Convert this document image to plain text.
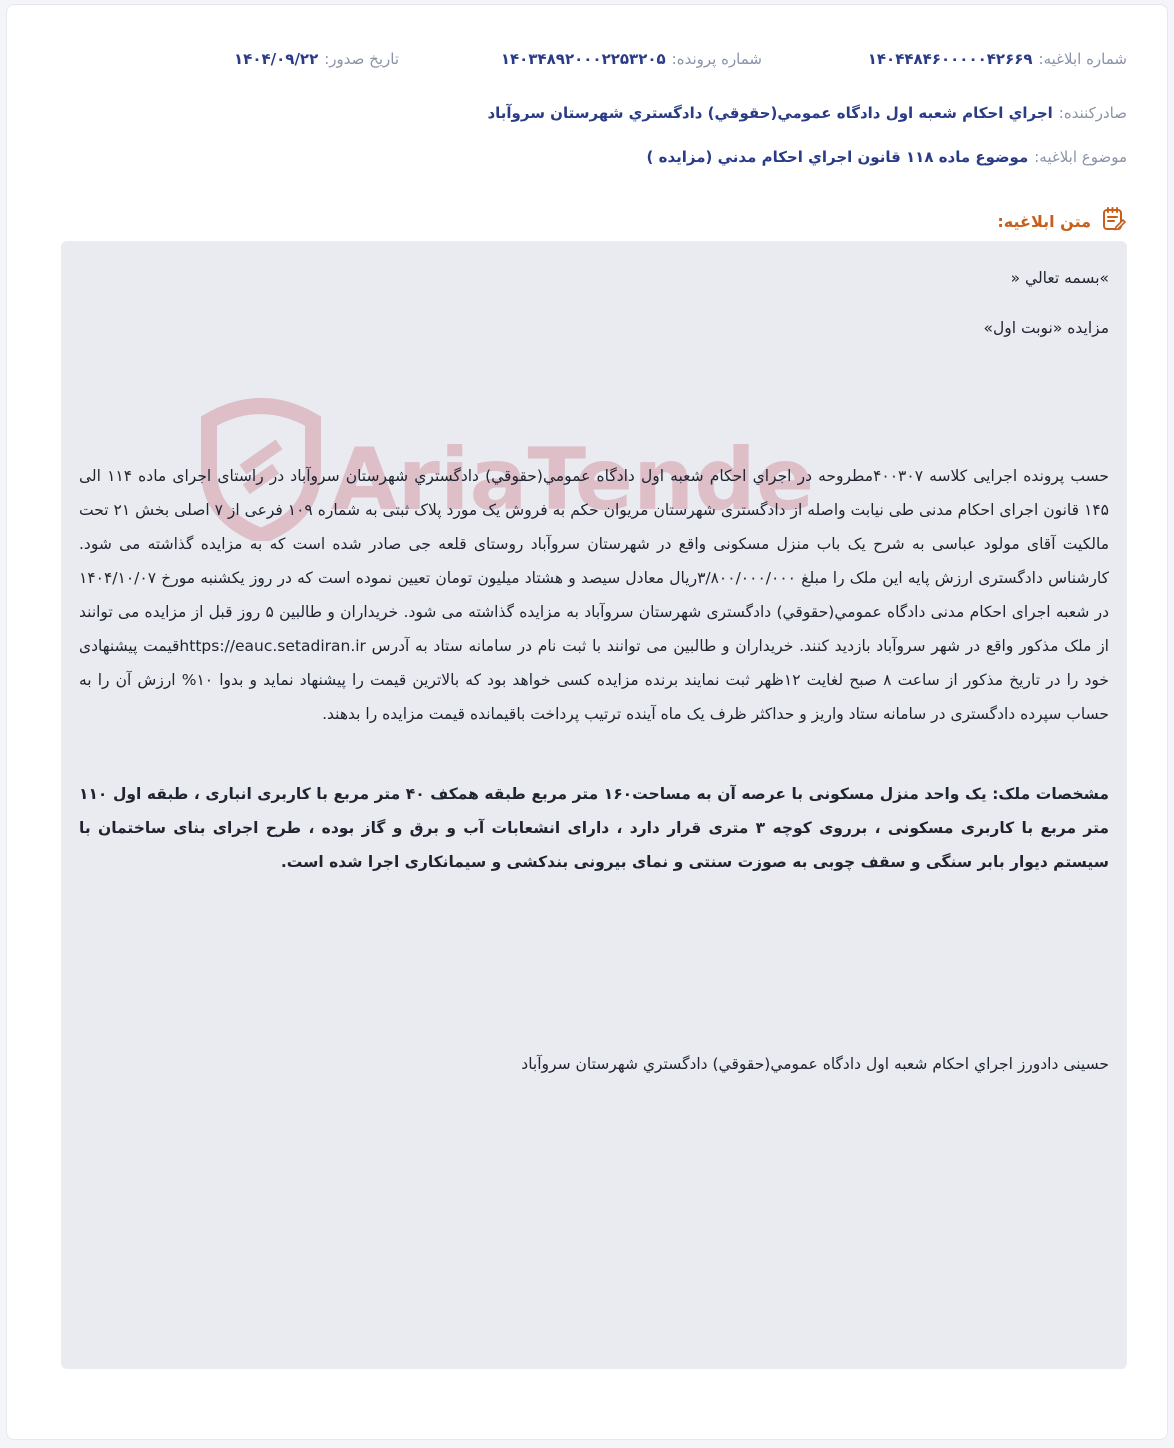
شماره ابلاغيه:
۱۴۰۴۴۸۴۶۰۰۰۰۰۴۲۶۶۹
شماره پرونده:
۱۴۰۳۴۸۹۲۰۰۰۲۲۵۳۲۰۵
تاريخ صدور:
۱۴۰۴/۰۹/۲۲
صادرکننده:
اجراي احکام شعبه اول دادگاه عمومي(حقوقي) دادگستري شهرستان سروآباد
موضوع ابلاغيه:
موضوع ماده ۱۱۸ قانون اجراي احکام مدني (مزايده )
متن ابلاغيه:
AriaTende
»بسمه تعالي «
مزايده «نوبت اول»
حسب پرونده اجرايی کلاسه ۴۰۰۳۰۷مطروحه در اجراي احکام شعبه اول دادگاه عمومي(حقوقي) دادگستري شهرستان سروآباد در راستای اجرای ماده ۱۱۴ الی ۱۴۵ قانون اجرای احکام مدنی طی نیابت واصله از دادگستری شهرستان مریوان حکم به فروش یک مورد پلاک ثبتی به شماره ۱۰۹ فرعی از ۷ اصلی بخش ۲۱ تحت مالکیت آقای مولود عباسی به شرح یک باب منزل مسکونی واقع در شهرستان سروآباد روستای قلعه جی صادر شده است که به مزایده گذاشته می شود. کارشناس دادگستری ارزش پایه این ملک را مبلغ ۳/۸۰۰/۰۰۰/۰۰۰ریال معادل سیصد و هشتاد میلیون تومان تعیین نموده است که در روز یکشنبه مورخ ۱۴۰۴/۱۰/۰۷ در شعبه اجرای احکام مدنی دادگاه عمومي(حقوقي) دادگستری شهرستان سروآباد به مزایده گذاشته می شود. خریداران و طالبین ۵ روز قبل از مزایده می توانند از ملک مذکور واقع در شهر سروآباد بازدید کنند. خریداران و طالبین می توانند با ثبت نام در سامانه ستاد به آدرس https://eauc.setadiran.irقیمت پیشنهادی خود را در تاریخ مذکور از ساعت ۸ صبح لغایت ۱۲ظهر ثبت نمایند برنده مزایده کسی خواهد بود که بالاترین قیمت را پیشنهاد نماید و بدوا ۱۰% ارزش آن را به حساب سپرده دادگستری در سامانه ستاد واریز و حداکثر ظرف یک ماه آینده ترتیب پرداخت باقیمانده قیمت مزایده را بدهند.
مشخصات ملک: یک واحد منزل مسکونی با عرصه آن به مساحت۱۶۰ متر مربع طبقه همکف ۴۰ متر مربع با کاربری انباری ، طبقه اول ۱۱۰ متر مربع با کاربری مسکونی ، برروی کوچه ۳ متری قرار دارد ، دارای انشعابات آب و برق و گاز بوده ، طرح اجرای بنای ساختمان با سیستم دیوار بابر سنگی و سقف چوبی به صوزت سنتی و نمای بیرونی بندکشی و سیمانکاری اجرا شده است.
حسینی دادورز اجراي احکام شعبه اول دادگاه عمومي(حقوقي) دادگستري شهرستان سروآباد
